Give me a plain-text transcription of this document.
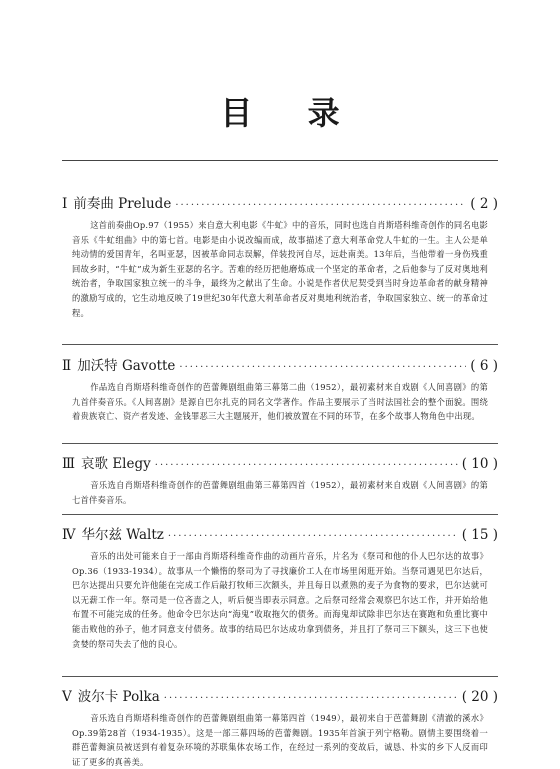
目 录
Ⅰ 前奏曲 Prelude ·····	( 2 )
这首前奏曲Op.97（1955）来自意大利电影《牛虻》中的音乐，同时也选自肖斯塔科维奇创作的同名电影音乐《牛虻组曲》中的第七首。电影是由小说改编而成，故事描述了意大利革命党人牛虻的一生。主人公是单纯动情的爱国青年，名叫亚瑟，因被革命同志误解，佯装投河自尽，远赴南美。13年后，当他带着一身伤残重回故乡时，“牛虻”成为新生亚瑟的名字。苦难的经历把他磨炼成一个坚定的革命者，之后他参与了反对奥地利统治者，争取国家独立统一的斗争，最终为之献出了生命。小说是作者伏尼契受到当时身边革命者的献身精神的激励写成的，它生动地反映了19世纪30年代意大利革命者反对奥地利统治者，争取国家独立、统一的革命过程。
Ⅱ 加沃特 Gavotte ·····	( 6 )
作品选自肖斯塔科维奇创作的芭蕾舞剧组曲第三幕第二曲（1952），最初素材来自戏剧《人间喜剧》的第九首伴奏音乐。《人间喜剧》是源自巴尔扎克的同名文学著作。作品主要展示了当时法国社会的整个面貌。围绕着贵族衰亡、资产者发迹、金钱罪恶三大主题展开，他们被放置在不同的环节，在多个故事人物角色中出现。
Ⅲ 哀歌 Elegy ·····	( 10 )
音乐选自肖斯塔科维奇创作的芭蕾舞剧组曲第三幕第四首（1952），最初素材来自戏剧《人间喜剧》的第七首伴奏音乐。
Ⅳ 华尔兹 Waltz ·····	( 15 )
音乐的出处可能来自于一部由肖斯塔科维奇作曲的动画片音乐，片名为《祭司和他的仆人巴尔达的故事》Op.36（1933-1934）。故事从一个懒惰的祭司为了寻找廉价工人在市场里闲逛开始。当祭司遇见巴尔达后，巴尔达提出只要允许他能在完成工作后敲打牧师三次额头，并且每日以煮熟的麦子为食物的要求，巴尔达就可以无薪工作一年。祭司是一位吝啬之人，听后便当即表示同意。之后祭司经常会观察巴尔达工作，并开始给他布置不可能完成的任务。他命令巴尔达向“海鬼”收取拖欠的债务。而海鬼却试除非巴尔达在赛跑和负重比赛中能击败他的孙子，他才同意支付债务。故事的结局巴尔达成功拿到债务，并且打了祭司三下额头，这三下也使贪婪的祭司失去了他的良心。
Ⅴ 波尔卡 Polka ·····	( 20 )
音乐选自肖斯塔科维奇创作的芭蕾舞剧组曲第一幕第四首（1949），最初来自于芭蕾舞剧《清澈的溪水》Op.39第28首（1934-1935）。这是一部三幕四场的芭蕾舞剧。1935年首演于列宁格勒。剧情主要围绕着一群芭蕾舞演员被送到有着复杂环境的苏联集体农场工作，在经过一系列的变故后，诚恳、朴实的乡下人反而印证了更多的真善美。
